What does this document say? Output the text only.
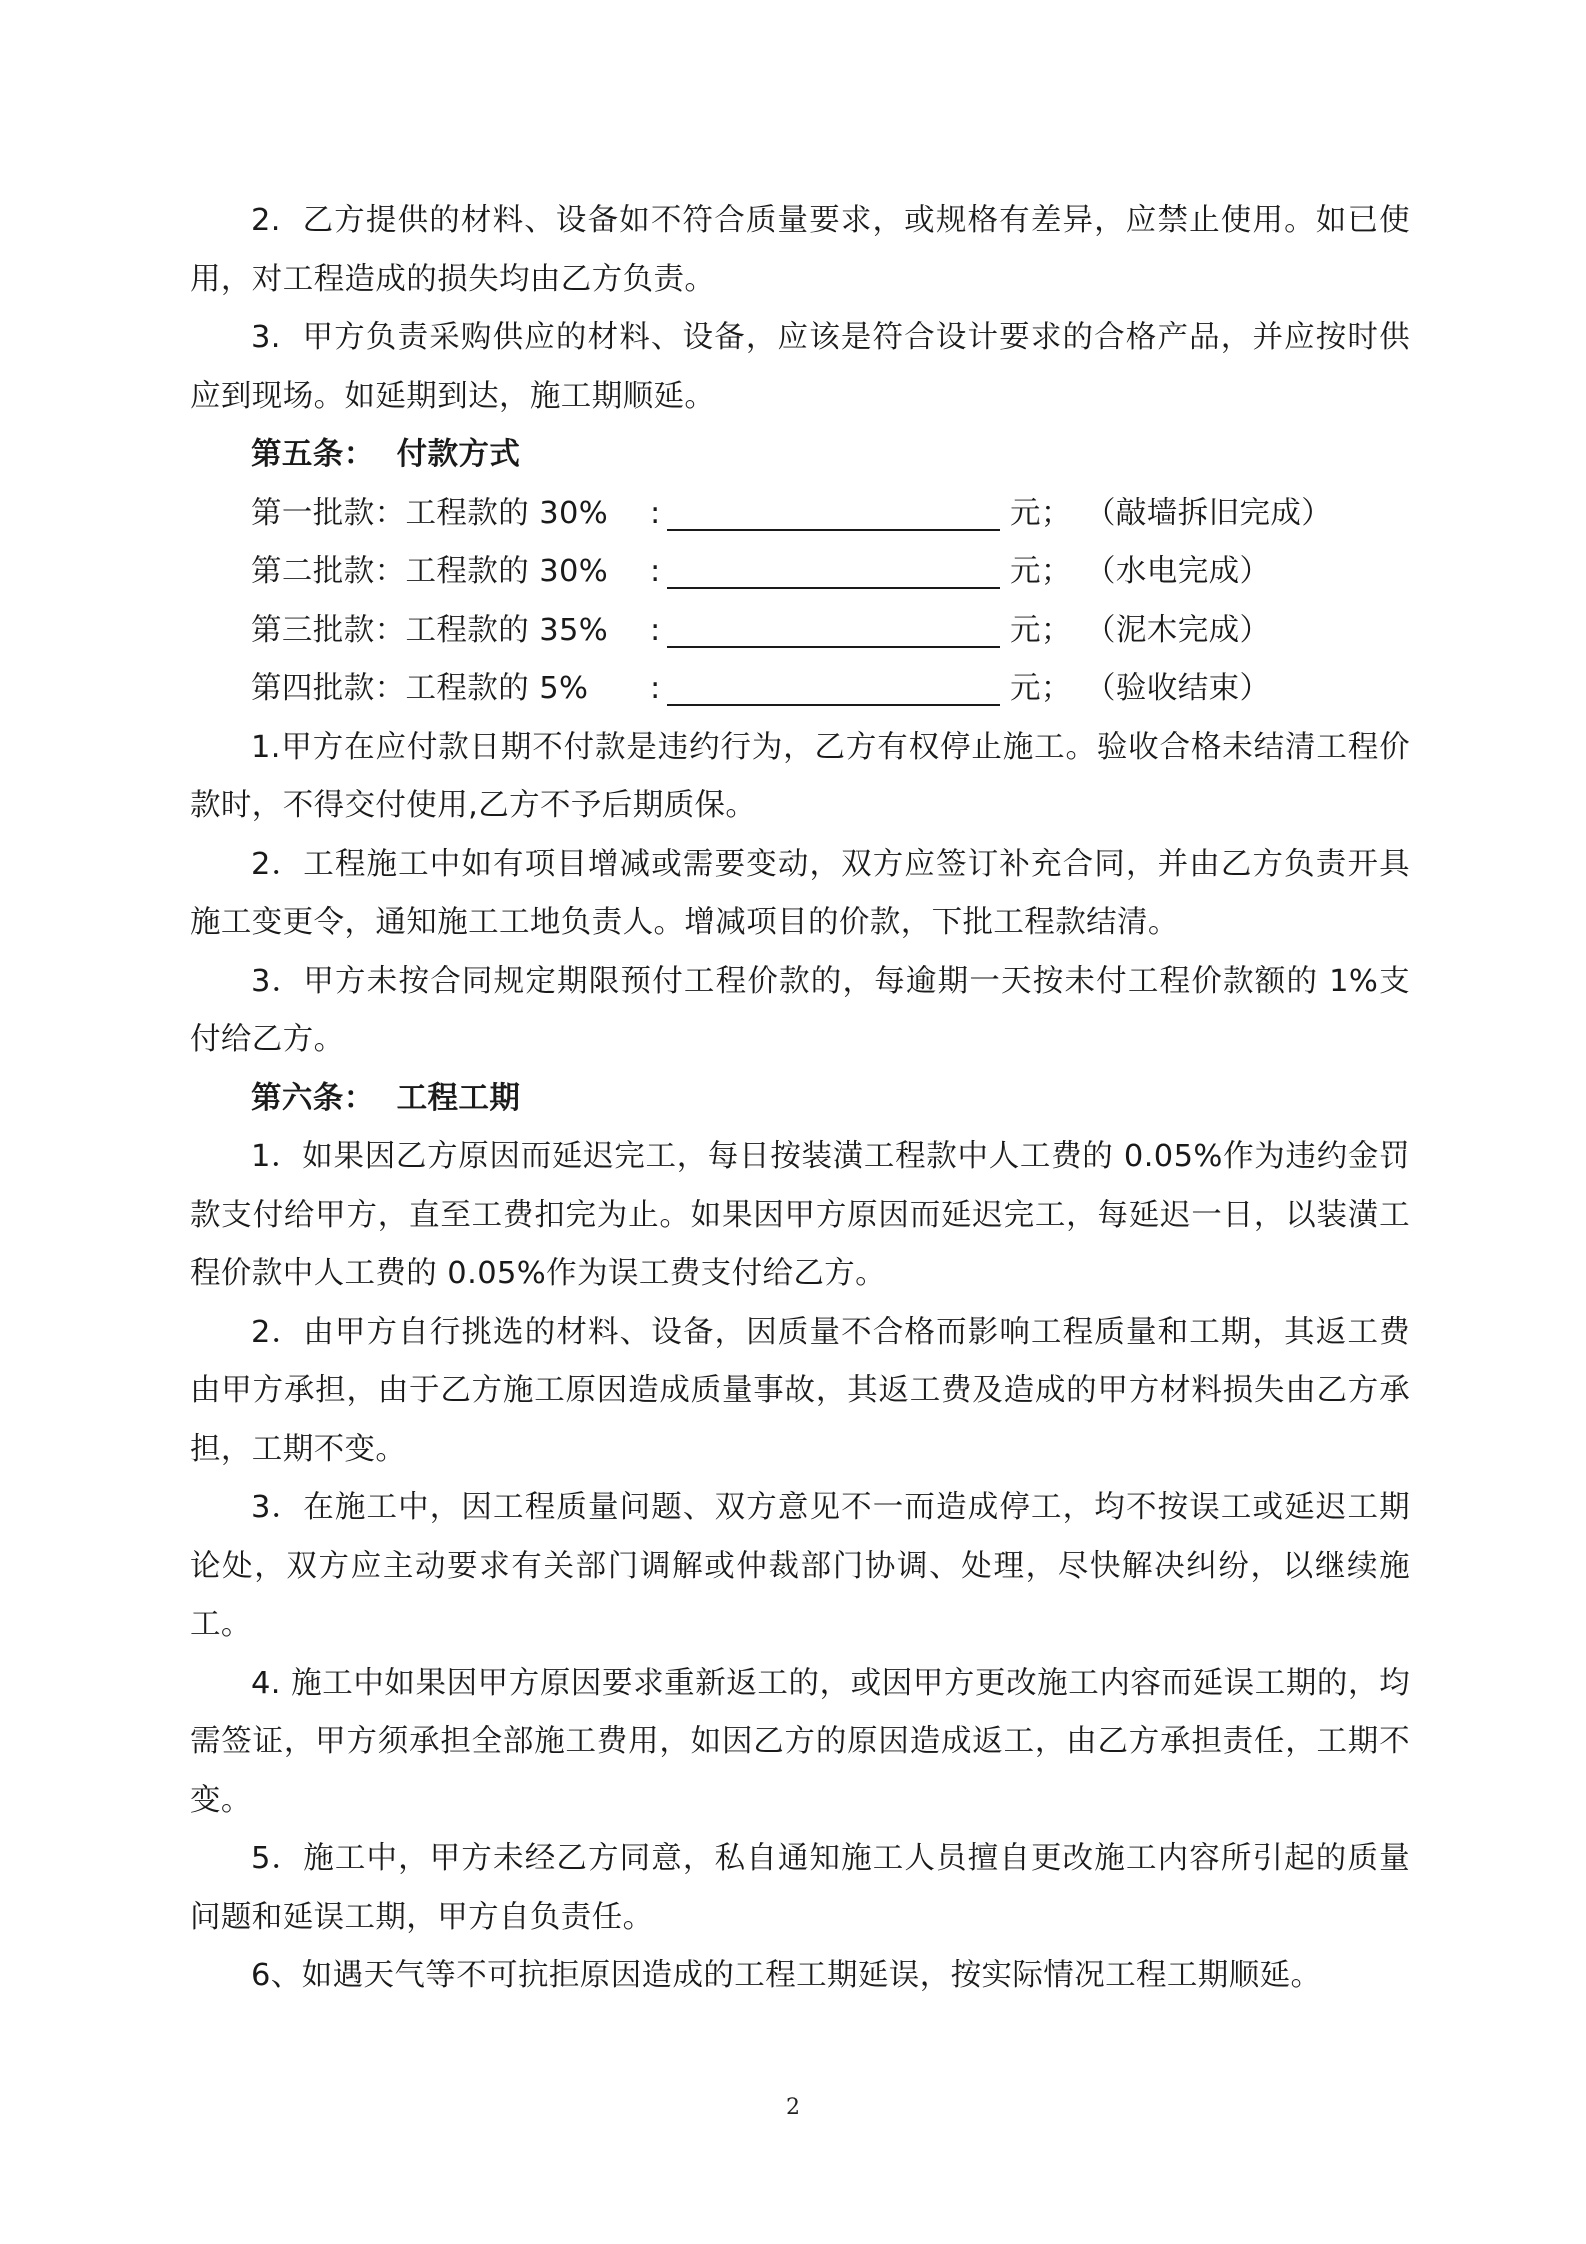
2.  乙方提供的材料、设备如不符合质量要求，或规格有差异，应禁止使用。如已使用，对工程造成的损失均由乙方负责。

3.  甲方负责采购供应的材料、设备，应该是符合设计要求的合格产品，并应按时供应到现场。如延期到达，施工期顺延。

第五条：  付款方式

第一批款：工程款的 30% :	元； （敲墙拆旧完成）
第二批款：工程款的 30% :	元； （水电完成）
第三批款：工程款的 35% :	元； （泥木完成）
第四批款：工程款的 5% :	元； （验收结束）

1.甲方在应付款日期不付款是违约行为，乙方有权停止施工。验收合格未结清工程价款时，不得交付使用,乙方不予后期质保。

2．工程施工中如有项目增减或需要变动，双方应签订补充合同，并由乙方负责开具施工变更令，通知施工工地负责人。增减项目的价款，下批工程款结清。

3．甲方未按合同规定期限预付工程价款的，每逾期一天按未付工程价款额的 1%支付给乙方。

第六条：  工程工期

1．如果因乙方原因而延迟完工，每日按装潢工程款中人工费的 0.05%作为违约金罚款支付给甲方，直至工费扣完为止。如果因甲方原因而延迟完工，每延迟一日，以装潢工程价款中人工费的 0.05%作为误工费支付给乙方。

2．由甲方自行挑选的材料、设备，因质量不合格而影响工程质量和工期，其返工费由甲方承担，由于乙方施工原因造成质量事故，其返工费及造成的甲方材料损失由乙方承担，工期不变。

3．在施工中，因工程质量问题、双方意见不一而造成停工，均不按误工或延迟工期论处，双方应主动要求有关部门调解或仲裁部门协调、处理，尽快解决纠纷，以继续施工。

4. 施工中如果因甲方原因要求重新返工的，或因甲方更改施工内容而延误工期的，均需签证，甲方须承担全部施工费用，如因乙方的原因造成返工，由乙方承担责任，工期不变。

5．施工中，甲方未经乙方同意，私自通知施工人员擅自更改施工内容所引起的质量问题和延误工期，甲方自负责任。

6、如遇天气等不可抗拒原因造成的工程工期延误，按实际情况工程工期顺延。

2
